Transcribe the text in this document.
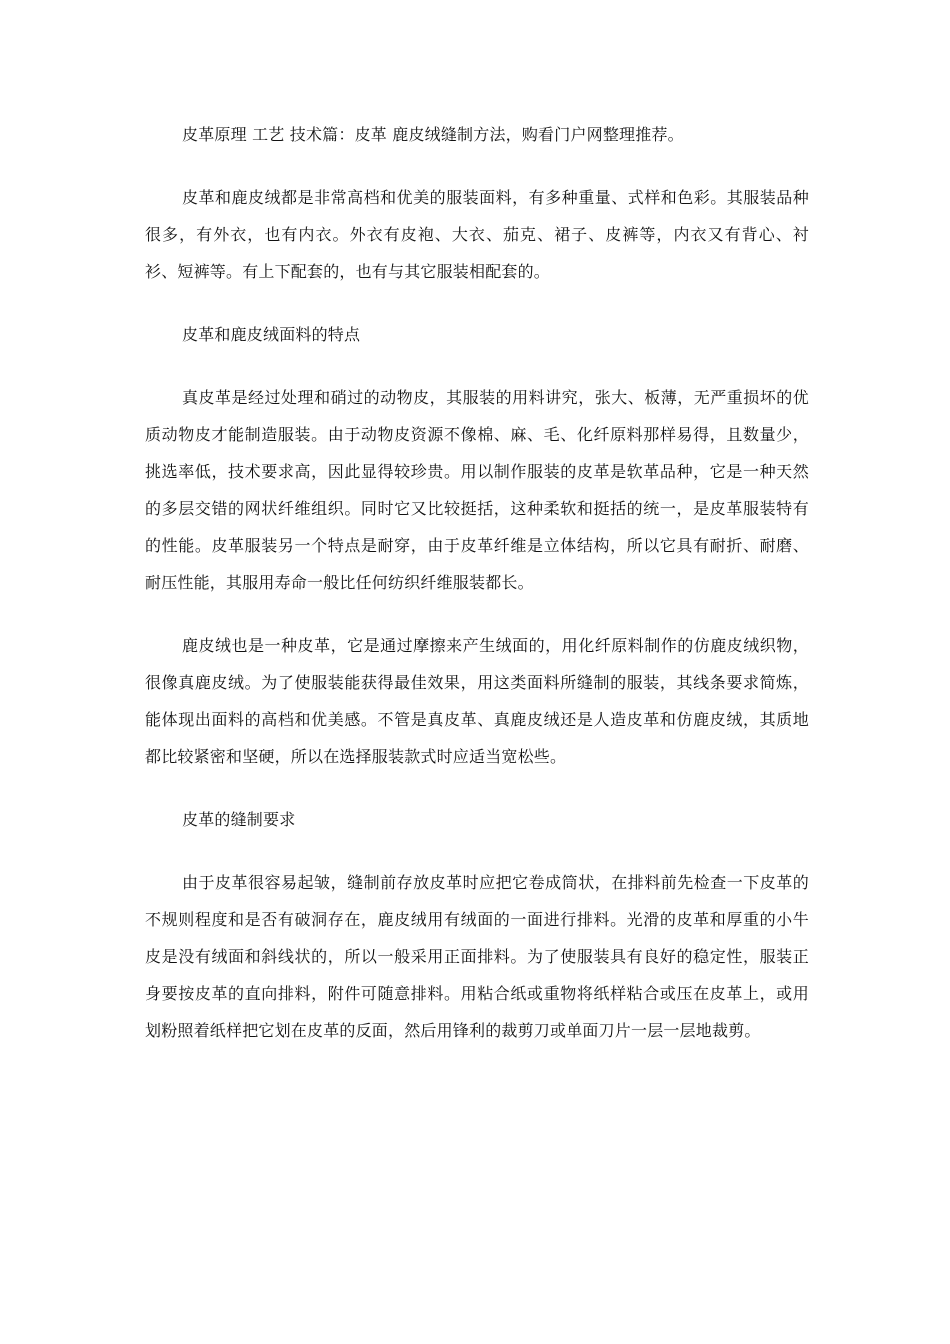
皮革原理 工艺 技术篇：皮革 鹿皮绒缝制方法，购看门户网整理推荐。

皮革和鹿皮绒都是非常高档和优美的服装面料，有多种重量、式样和色彩。其服装品种很多，有外衣，也有内衣。外衣有皮袍、大衣、茄克、裙子、皮裤等，内衣又有背心、衬衫、短裤等。有上下配套的，也有与其它服装相配套的。

皮革和鹿皮绒面料的特点

真皮革是经过处理和硝过的动物皮，其服装的用料讲究，张大、板薄，无严重损坏的优质动物皮才能制造服装。由于动物皮资源不像棉、麻、毛、化纤原料那样易得，且数量少，挑选率低，技术要求高，因此显得较珍贵。用以制作服装的皮革是软革品种，它是一种天然的多层交错的网状纤维组织。同时它又比较挺括，这种柔软和挺括的统一，是皮革服装特有的性能。皮革服装另一个特点是耐穿，由于皮革纤维是立体结构，所以它具有耐折、耐磨、耐压性能，其服用寿命一般比任何纺织纤维服装都长。

鹿皮绒也是一种皮革，它是通过摩擦来产生绒面的，用化纤原料制作的仿鹿皮绒织物，很像真鹿皮绒。为了使服装能获得最佳效果，用这类面料所缝制的服装，其线条要求简炼，能体现出面料的高档和优美感。不管是真皮革、真鹿皮绒还是人造皮革和仿鹿皮绒，其质地都比较紧密和坚硬，所以在选择服装款式时应适当宽松些。

皮革的缝制要求

由于皮革很容易起皱，缝制前存放皮革时应把它卷成筒状，在排料前先检查一下皮革的不规则程度和是否有破洞存在，鹿皮绒用有绒面的一面进行排料。光滑的皮革和厚重的小牛皮是没有绒面和斜线状的，所以一般采用正面排料。为了使服装具有良好的稳定性，服装正身要按皮革的直向排料，附件可随意排料。用粘合纸或重物将纸样粘合或压在皮革上，或用划粉照着纸样把它划在皮革的反面，然后用锋利的裁剪刀或单面刀片一层一层地裁剪。
